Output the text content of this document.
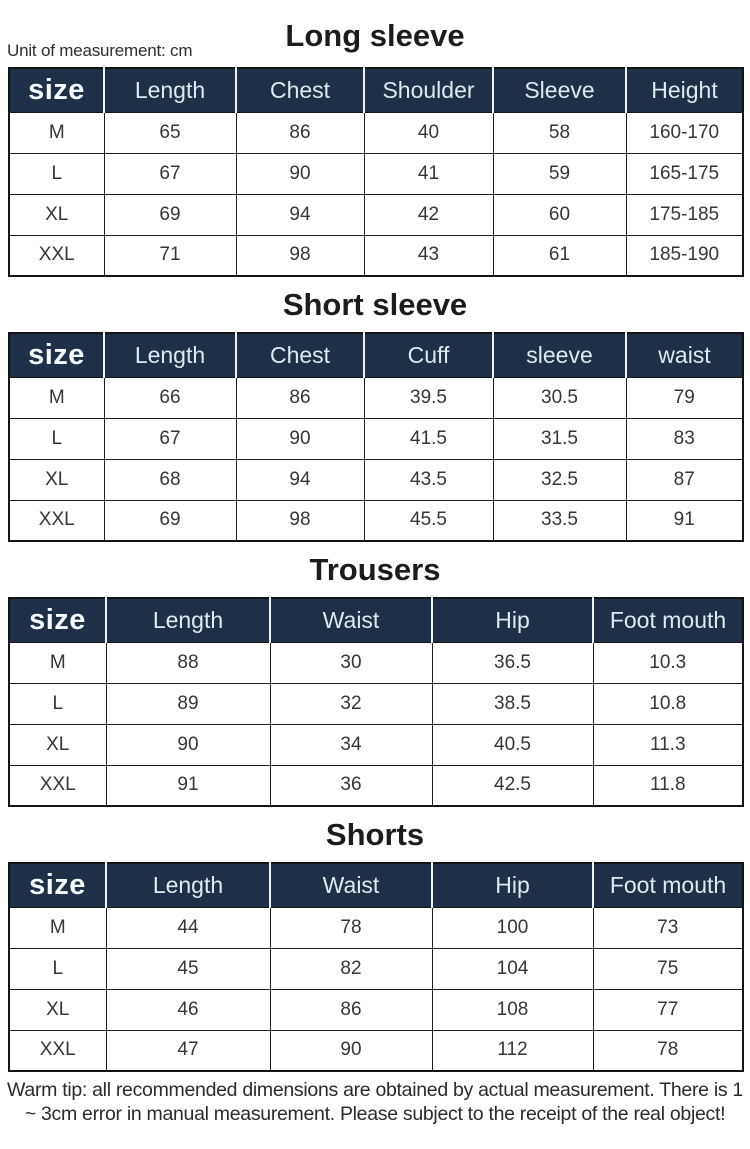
Unit of measurement: cm	Long sleeve
size	Length	Chest	Shoulder	Sleeve	Height
M	65	86	40	58	160-170
L	67	90	41	59	165-175
XL	69	94	42	60	175-185
XXL	71	98	43	61	185-190
Short sleeve
size	Length	Chest	Cuff	sleeve	waist
M	66	86	39.5	30.5	79
L	67	90	41.5	31.5	83
XL	68	94	43.5	32.5	87
XXL	69	98	45.5	33.5	91
Trousers
size	Length	Waist	Hip	Foot mouth
M	88	30	36.5	10.3
L	89	32	38.5	10.8
XL	90	34	40.5	11.3
XXL	91	36	42.5	11.8
Shorts
size	Length	Waist	Hip	Foot mouth
M	44	78	100	73
L	45	82	104	75
XL	46	86	108	77
XXL	47	90	112	78
Warm tip: all recommended dimensions are obtained by actual measurement. There is 1 ~ 3cm error in manual measurement. Please subject to the receipt of the real object!
